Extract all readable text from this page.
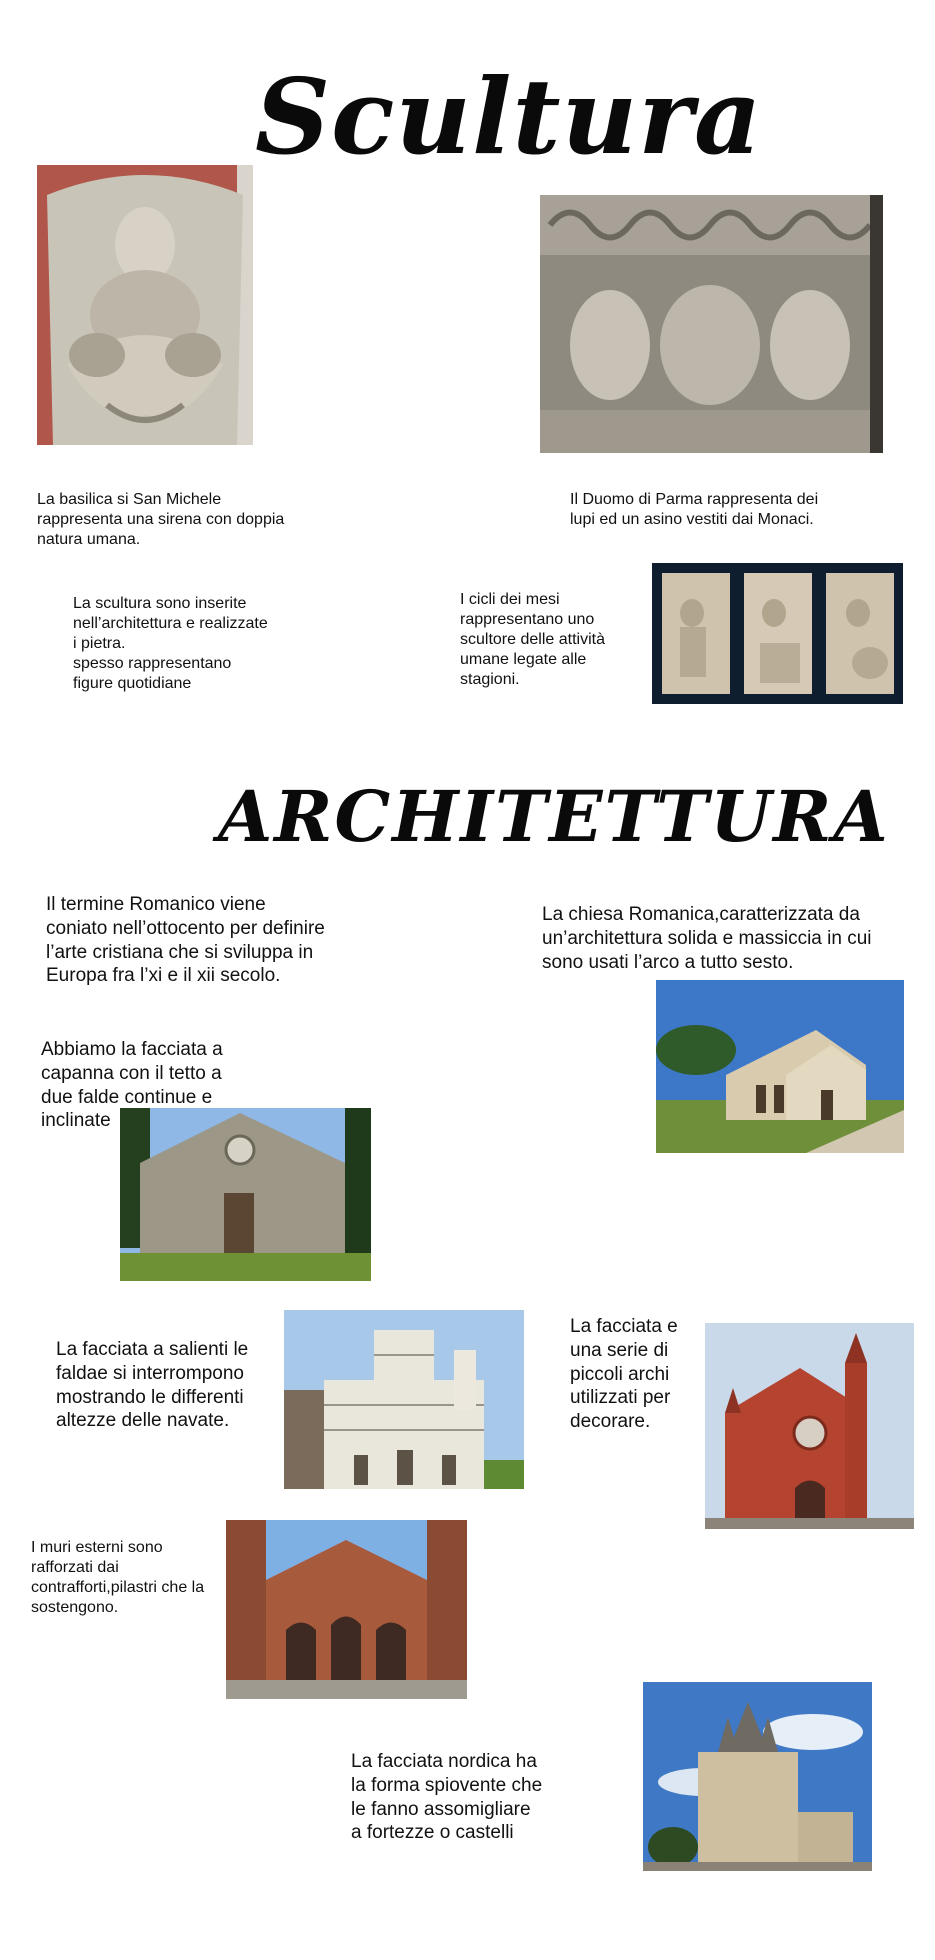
Scultura

La basilica si San Michele
rappresenta una sirena con doppia
natura umana.

Il Duomo di Parma rappresenta dei
lupi ed un asino vestiti dai Monaci.

La scultura sono inserite
nell’architettura e realizzate
i pietra.
spesso rappresentano
figure quotidiane

I cicli dei mesi
rappresentano uno
scultore delle attività
umane legate alle
stagioni.

ARCHITETTURA

Il termine Romanico viene
coniato nell’ottocento per definire
l’arte cristiana che si sviluppa in
Europa fra l’xi e il xii secolo.

La chiesa Romanica,caratterizzata da
un’architettura solida e massiccia in cui
sono usati l’arco a tutto sesto.

Abbiamo la facciata a
capanna con il tetto a
due falde continue e
inclinate

La facciata a salienti le
faldae si interrompono
mostrando le differenti
altezze delle navate.

La facciata e
una serie di
piccoli archi
utilizzati per
decorare.

I muri esterni sono
rafforzati dai
contrafforti,pilastri che la
sostengono.

La facciata nordica ha
la forma spiovente che
le fanno assomigliare
a fortezze o castelli
